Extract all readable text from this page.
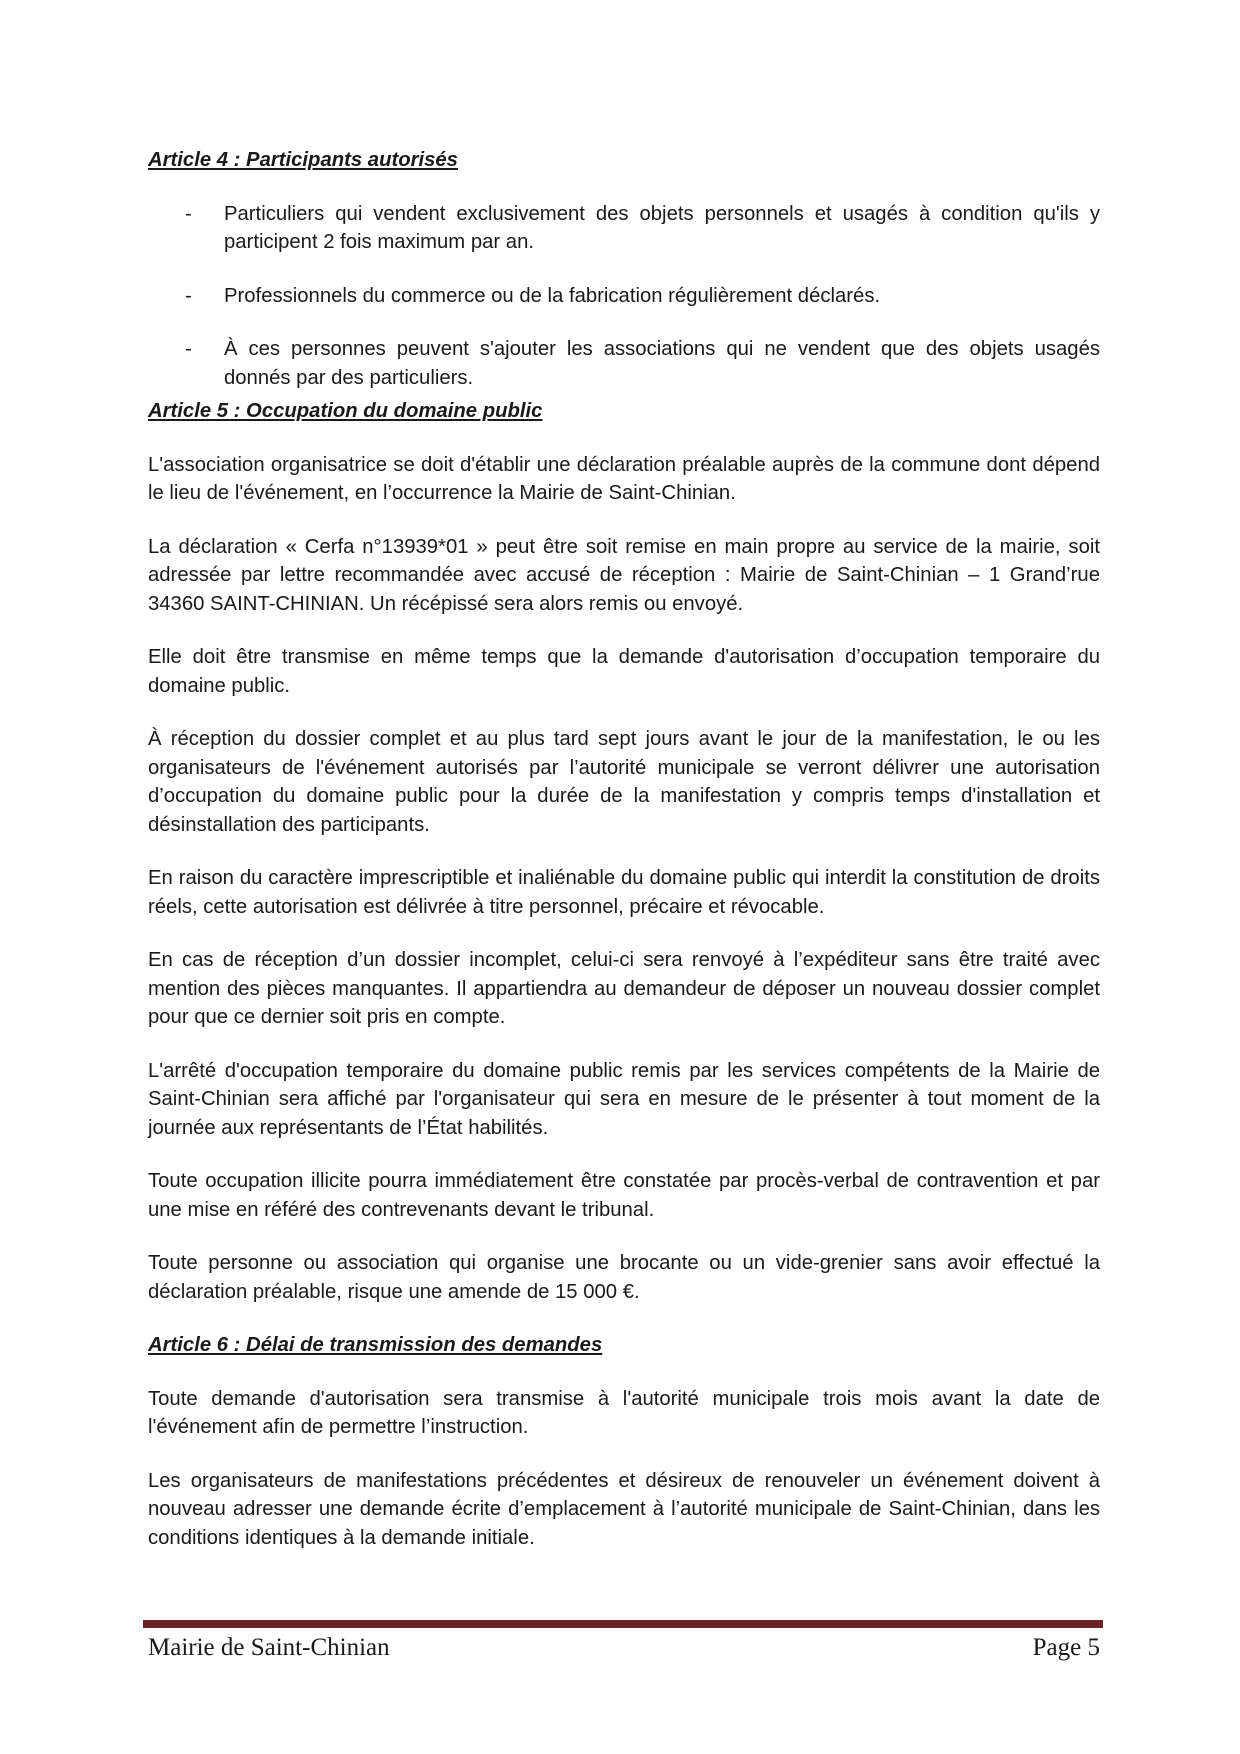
Article 4 : Participants autorisés

-	Particuliers qui vendent exclusivement des objets personnels et usagés à condition qu'ils y participent 2 fois maximum par an.
-	Professionnels du commerce ou de la fabrication régulièrement déclarés.
-	À ces personnes peuvent s'ajouter les associations qui ne vendent que des objets usagés donnés par des particuliers.

Article 5 : Occupation du domaine public

L'association organisatrice se doit d'établir une déclaration préalable auprès de la commune dont dépend le lieu de l'événement, en l’occurrence la Mairie de Saint-Chinian.

La déclaration « Cerfa n°13939*01 » peut être soit remise en main propre au service de la mairie, soit adressée par lettre recommandée avec accusé de réception : Mairie de Saint-Chinian – 1 Grand’rue 34360 SAINT-CHINIAN. Un récépissé sera alors remis ou envoyé.

Elle doit être transmise en même temps que la demande d'autorisation d’occupation temporaire du domaine public.

À réception du dossier complet et au plus tard sept jours avant le jour de la manifestation, le ou les organisateurs de l'événement autorisés par l’autorité municipale se verront délivrer une autorisation d’occupation du domaine public pour la durée de la manifestation y compris temps d'installation et désinstallation des participants.

En raison du caractère imprescriptible et inaliénable du domaine public qui interdit la constitution de droits réels, cette autorisation est délivrée à titre personnel, précaire et révocable.

En cas de réception d’un dossier incomplet, celui-ci sera renvoyé à l’expéditeur sans être traité avec mention des pièces manquantes. Il appartiendra au demandeur de déposer un nouveau dossier complet pour que ce dernier soit pris en compte.

L'arrêté d'occupation temporaire du domaine public remis par les services compétents de la Mairie de Saint-Chinian sera affiché par l'organisateur qui sera en mesure de le présenter à tout moment de la journée aux représentants de l’État habilités.

Toute occupation illicite pourra immédiatement être constatée par procès-verbal de contravention et par une mise en référé des contrevenants devant le tribunal.

Toute personne ou association qui organise une brocante ou un vide-grenier sans avoir effectué la déclaration préalable, risque une amende de 15 000 €.

Article 6 : Délai de transmission des demandes

Toute demande d'autorisation sera transmise à l'autorité municipale trois mois avant la date de l'événement afin de permettre l’instruction.

Les organisateurs de manifestations précédentes et désireux de renouveler un événement doivent à nouveau adresser une demande écrite d’emplacement à l’autorité municipale de Saint-Chinian, dans les conditions identiques à la demande initiale.

Mairie de Saint-Chinian	Page 5
